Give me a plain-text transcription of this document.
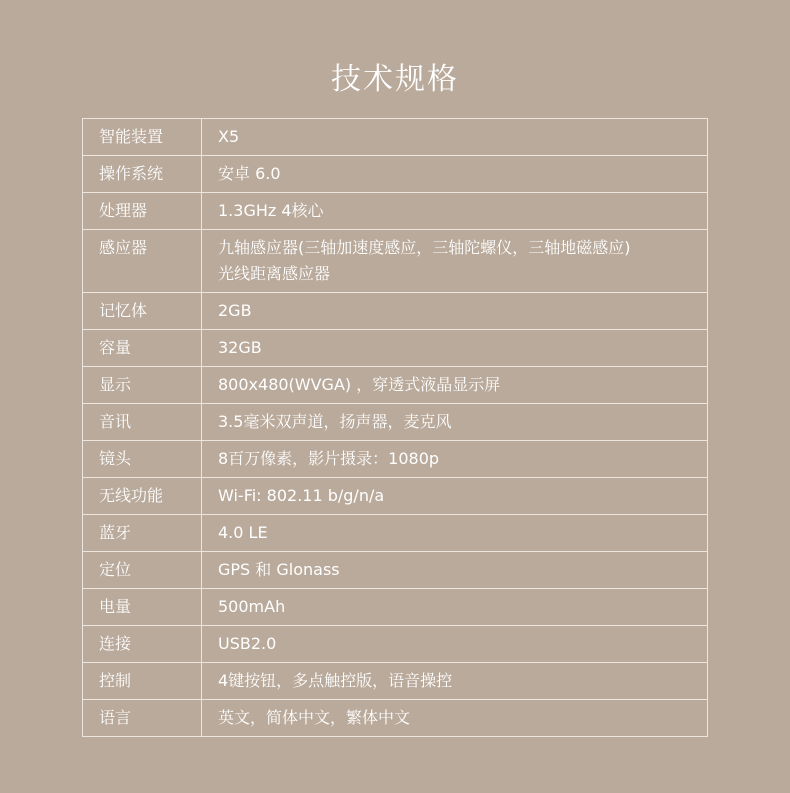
技术规格
智能装置	X5
操作系统	安卓 6.0
处理器	1.3GHz 4核心
感应器	九轴感应器(三轴加速度感应，三轴陀螺仪，三轴地磁感应)
光线距离感应器
记忆体	2GB
容量	32GB
显示	800x480(WVGA) ，穿透式液晶显示屏
音讯	3.5毫米双声道，扬声器，麦克风
镜头	8百万像素，影片摄录：1080p
无线功能	Wi-Fi: 802.11 b/g/n/a
蓝牙	4.0 LE
定位	GPS 和 Glonass
电量	500mAh
连接	USB2.0
控制	4键按钮，多点触控版，语音操控
语言	英文，简体中文，繁体中文
